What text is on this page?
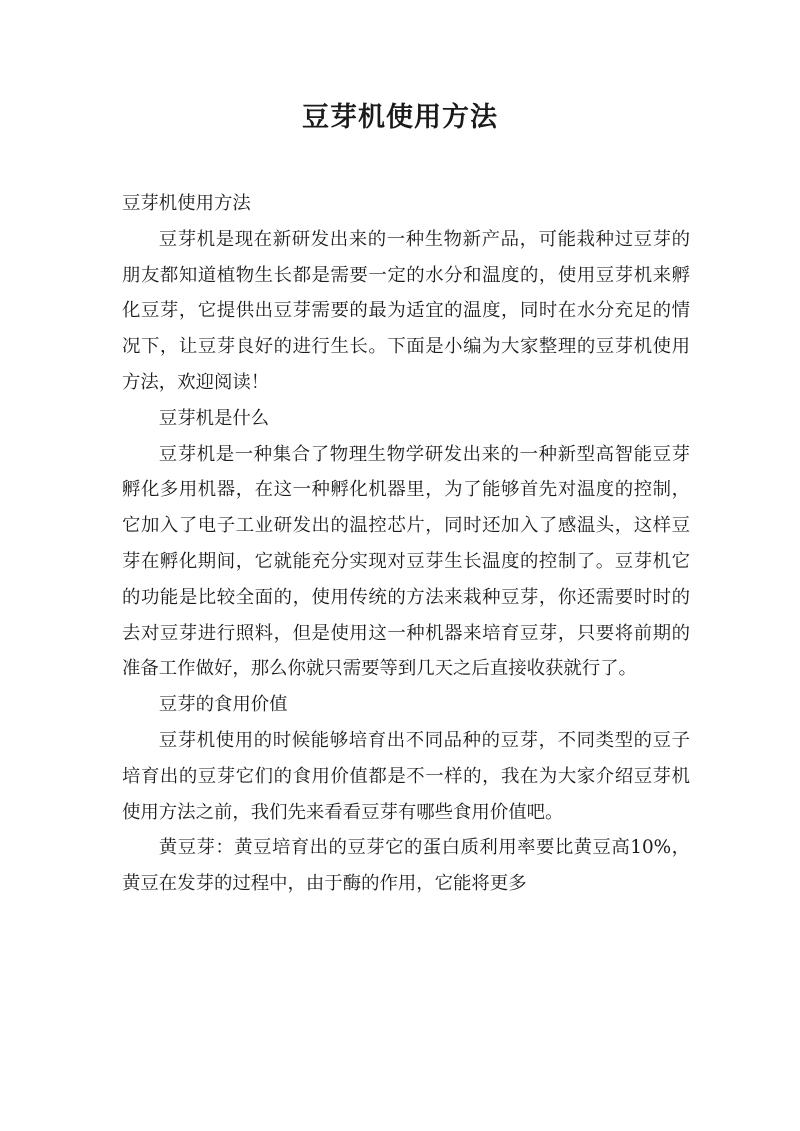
豆芽机使用方法

豆芽机使用方法

豆芽机是现在新研发出来的一种生物新产品，可能栽种过豆芽的朋友都知道植物生长都是需要一定的水分和温度的，使用豆芽机来孵化豆芽，它提供出豆芽需要的最为适宜的温度，同时在水分充足的情况下，让豆芽良好的进行生长。下面是小编为大家整理的豆芽机使用方法，欢迎阅读！

豆芽机是什么

豆芽机是一种集合了物理生物学研发出来的一种新型高智能豆芽孵化多用机器，在这一种孵化机器里，为了能够首先对温度的控制，它加入了电子工业研发出的温控芯片，同时还加入了感温头，这样豆芽在孵化期间，它就能充分实现对豆芽生长温度的控制了。豆芽机它的功能是比较全面的，使用传统的方法来栽种豆芽，你还需要时时的去对豆芽进行照料，但是使用这一种机器来培育豆芽，只要将前期的准备工作做好，那么你就只需要等到几天之后直接收获就行了。

豆芽的食用价值

豆芽机使用的时候能够培育出不同品种的豆芽，不同类型的豆子培育出的豆芽它们的食用价值都是不一样的，我在为大家介绍豆芽机使用方法之前，我们先来看看豆芽有哪些食用价值吧。

黄豆芽：黄豆培育出的豆芽它的蛋白质利用率要比黄豆高10%，黄豆在发芽的过程中，由于酶的作用，它能将更多
